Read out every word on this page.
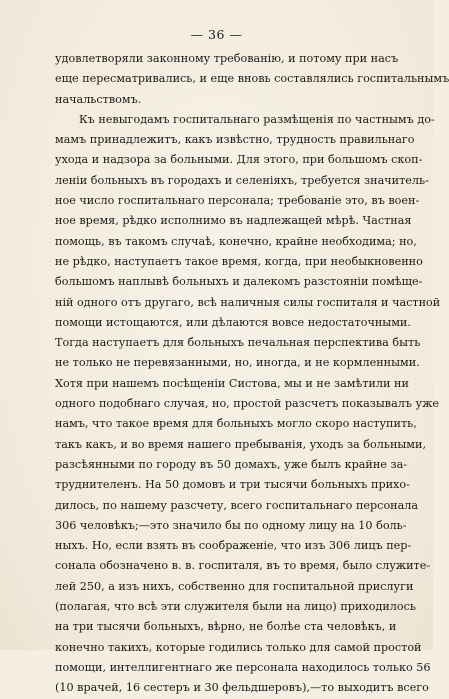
— 36 —
удовлетворяли законному требованію, и потому при насъ
еще пересматривались, и еще вновь составлялись госпитальнымъ
начальствомъ.
Къ невыгодамъ госпитальнаго размѣщенія по частнымъ до-
мамъ принадлежитъ, какъ извѣстно, трудность правильнаго
ухода и надзора за больными. Для этого, при большомъ скоп-
леніи больныхъ въ городахъ и селеніяхъ, требуется значитель-
ное число госпитальнаго персонала; требованіе это, въ воен-
ное время, рѣдко исполнимо въ надлежащей мѣрѣ. Частная
помощь, въ такомъ случаѣ, конечно, крайне необходима; но,
не рѣдко, наступаетъ такое время, когда, при необыкновенно
большомъ наплывѣ больныхъ и далекомъ разстояніи помѣще-
ній одного отъ другаго, всѣ наличныя силы госпиталя и частной
помощи истощаются, или дѣлаются вовсе недостаточными.
Тогда наступаетъ для больныхъ печальная перспектива быть
не только не перевязанными, но, иногда, и не кормленными.
Хотя при нашемъ посѣщеніи Систова, мы и не замѣтили ни
одного подобнаго случая, но, простой разсчетъ показывалъ уже
намъ, что такое время для больныхъ могло скоро наступить,
такъ какъ, и во время нашего пребыванія, уходъ за больными,
разсѣянными по городу въ 50 домахъ, уже былъ крайне за-
труднителенъ. На 50 домовъ и три тысячи больныхъ прихо-
дилось, по нашему разсчету, всего госпитальнаго персонала
306 человѣкъ;—это значило бы по одному лицу на 10 боль-
ныхъ. Но, если взять въ соображеніе, что изъ 306 лицъ пер-
сонала обозначено в. в. госпиталя, въ то время, было служите-
лей 250, а изъ нихъ, собственно для госпитальной прислуги
(полагая, что всѣ эти служителя были на лицо) приходилось
на три тысячи больныхъ, вѣрно, не болѣе ста человѣкъ, и
конечно такихъ, которые годились только для самой простой
помощи, интеллигентнаго же персонала находилось только 56
(10 врачей, 16 сестеръ и 30 фельдшеровъ),—то выходитъ всего
